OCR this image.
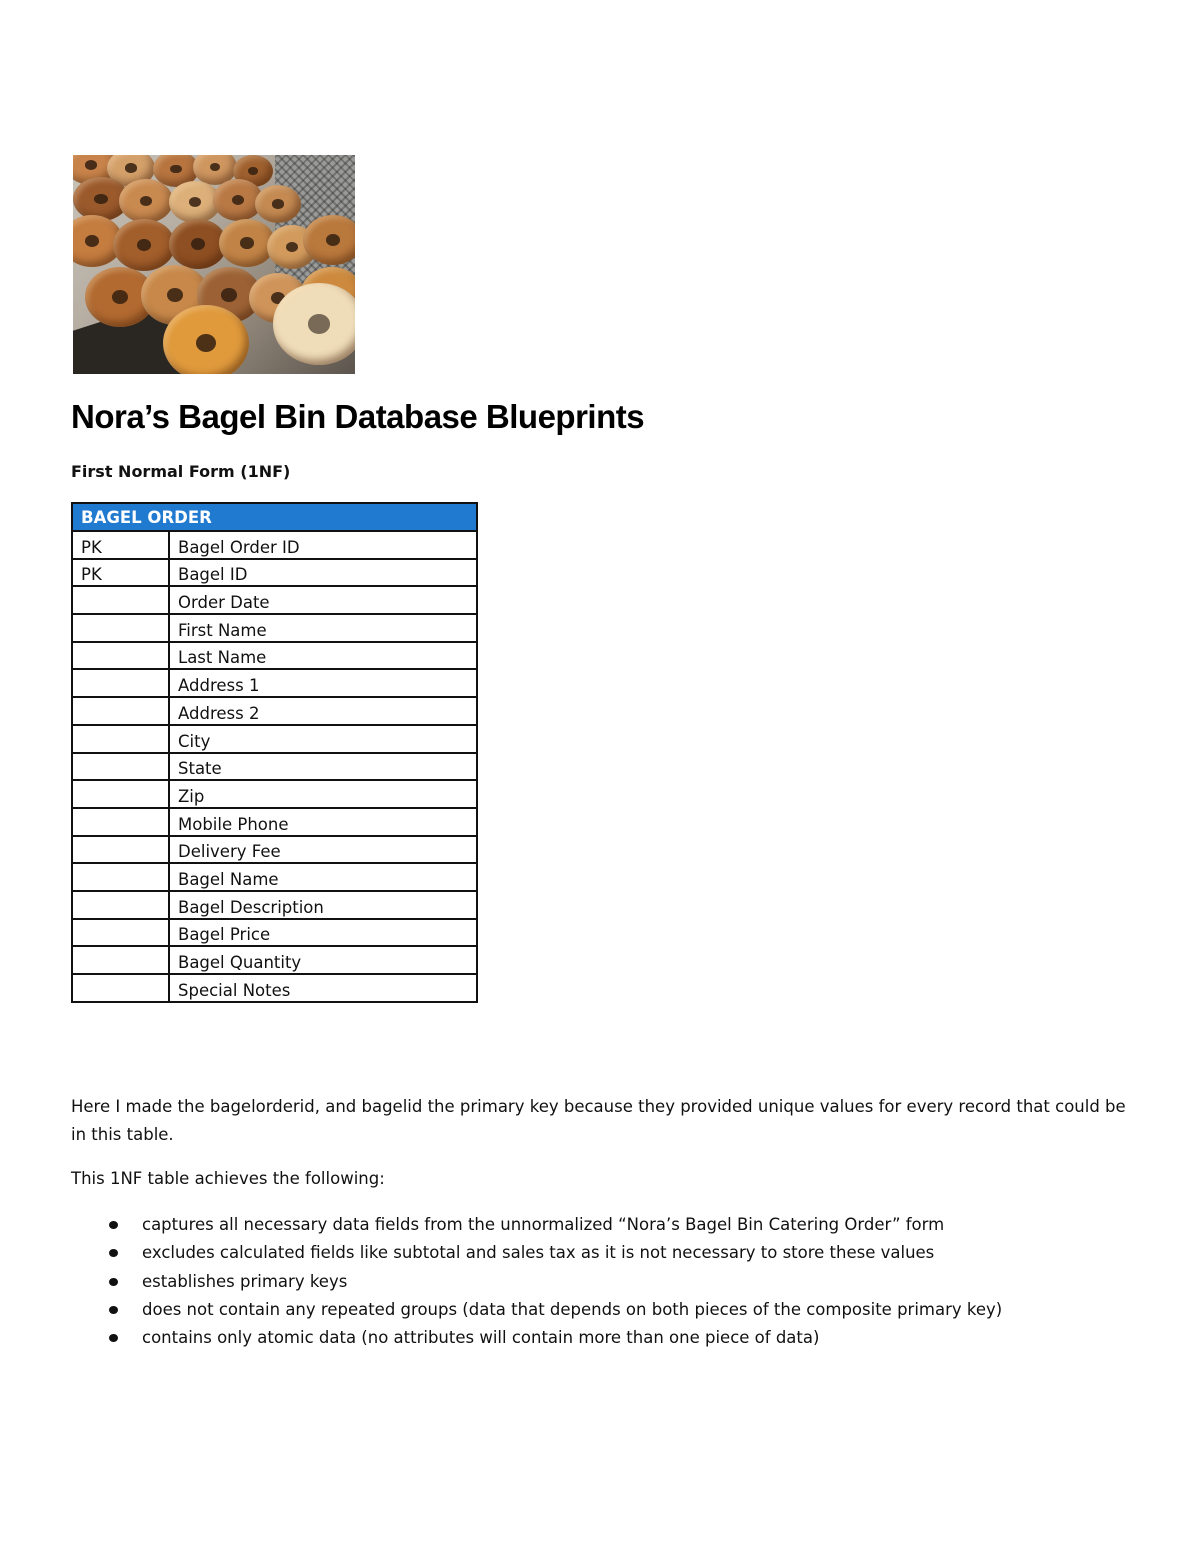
Nora’s Bagel Bin Database Blueprints

First Normal Form (1NF)

BAGEL ORDER	
PK	Bagel Order ID
PK	Bagel ID
	Order Date
	First Name
	Last Name
	Address 1
	Address 2
	City
	State
	Zip
	Mobile Phone
	Delivery Fee
	Bagel Name
	Bagel Description
	Bagel Price
	Bagel Quantity
	Special Notes

Here I made the bagelorderid, and bagelid the primary key because they provided unique values for every record that could be in this table.

This 1NF table achieves the following:

captures all necessary data fields from the unnormalized “Nora’s Bagel Bin Catering Order” form
excludes calculated fields like subtotal and sales tax as it is not necessary to store these values
establishes primary keys
does not contain any repeated groups (data that depends on both pieces of the composite primary key)
contains only atomic data (no attributes will contain more than one piece of data)
